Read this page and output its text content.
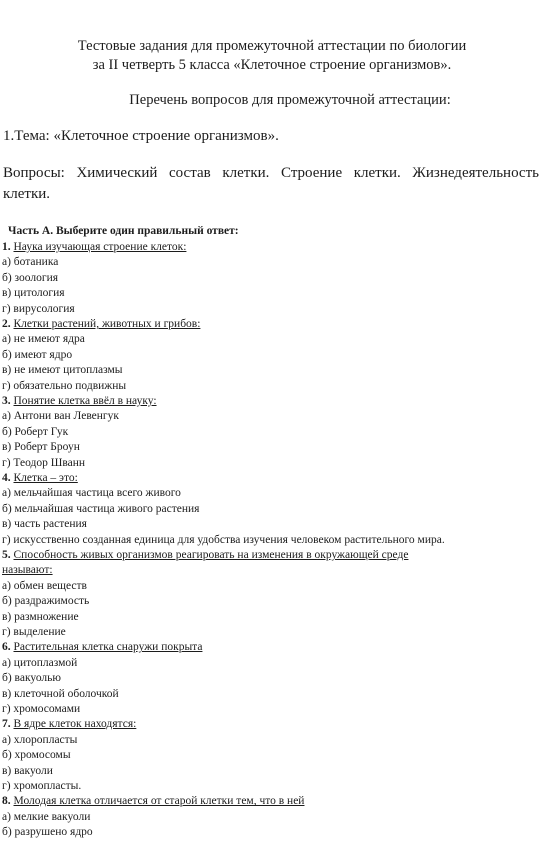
Тестовые задания для промежуточной аттестации по биологии
за II четверть 5 класса «Клеточное строение организмов».
Перечень вопросов для промежуточной аттестации:
1.Тема: «Клеточное строение организмов».
Вопросы: Химический состав клетки. Строение клетки. Жизнедеятельность
клетки.
Часть А. Выберите один правильный ответ:
1. Наука изучающая строение клеток:
а) ботаника
б) зоология
в) цитология
г) вирусология
2. Клетки растений, животных и грибов:
а) не имеют ядра
б) имеют ядро
в) не имеют цитоплазмы
г) обязательно подвижны
3. Понятие клетка ввёл в науку:
а) Антони ван Левенгук
б) Роберт Гук
в) Роберт Броун
г) Теодор Шванн
4. Клетка – это:
а) мельчайшая частица всего живого
б) мельчайшая частица живого растения
в) часть растения
г) искусственно созданная единица для удобства изучения человеком растительного мира.
5. Способность живых организмов реагировать на изменения в окружающей среде
называют:
а) обмен веществ
б) раздражимость
в) размножение
г) выделение
6. Растительная клетка снаружи покрыта
а) цитоплазмой
б) вакуолью
в) клеточной оболочкой
г) хромосомами
7. В ядре клеток находятся:
а) хлоропласты
б) хромосомы
в) вакуоли
г) хромопласты.
8. Молодая клетка отличается от старой клетки тем, что в ней
а) мелкие вакуоли
б) разрушено ядро
